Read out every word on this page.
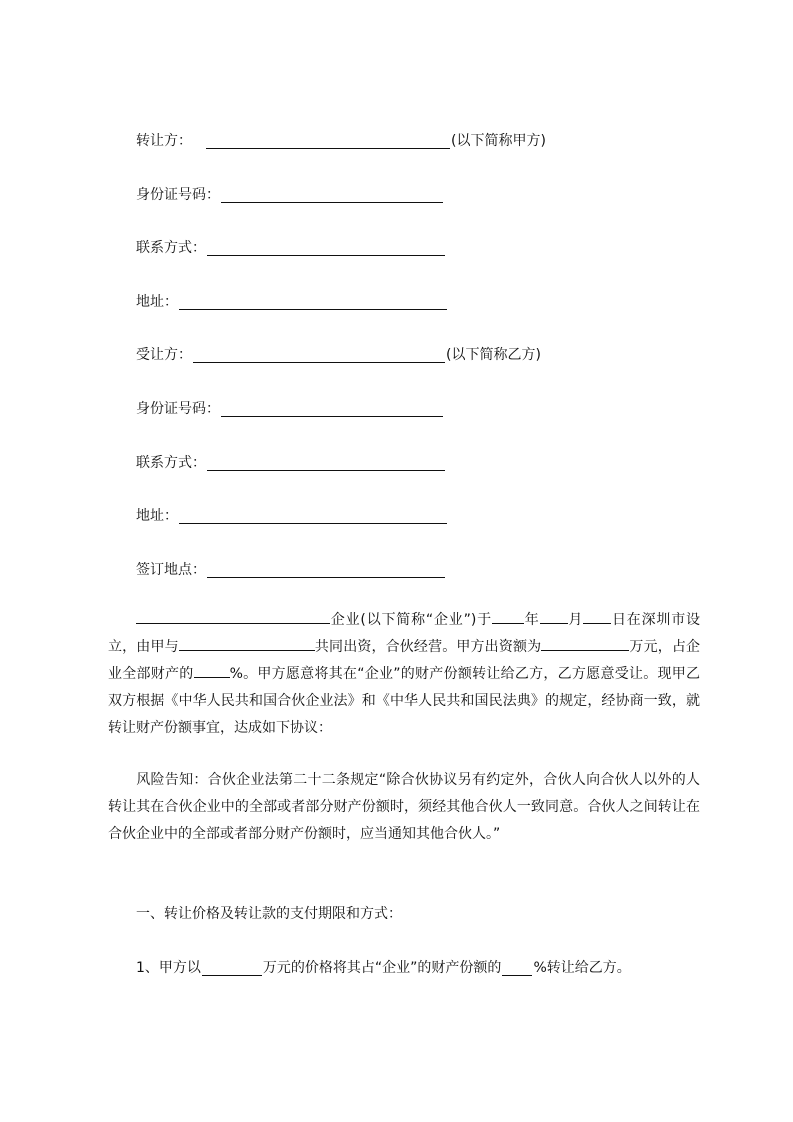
转让方：	(以下简称甲方)
身份证号码：
联系方式：
地址：
受让方：	(以下简称乙方)
身份证号码：
联系方式：
地址：
签订地点：
企业(以下简称“企业”)于 年 月 日在深圳市设立，由甲与	共同出资，合伙经营。甲方出资额为	万元，占企业全部财产的	%。甲方愿意将其在“企业”的财产份额转让给乙方，乙方愿意受让。现甲乙双方根据《中华人民共和国合伙企业法》和《中华人民共和国民法典》的规定，经协商一致，就转让财产份额事宜，达成如下协议：
风险告知：合伙企业法第二十二条规定“除合伙协议另有约定外，合伙人向合伙人以外的人转让其在合伙企业中的全部或者部分财产份额时，须经其他合伙人一致同意。合伙人之间转让在合伙企业中的全部或者部分财产份额时，应当通知其他合伙人。”
一、转让价格及转让款的支付期限和方式：
1、甲方以	万元的价格将其占“企业”的财产份额的 %转让给乙方。
